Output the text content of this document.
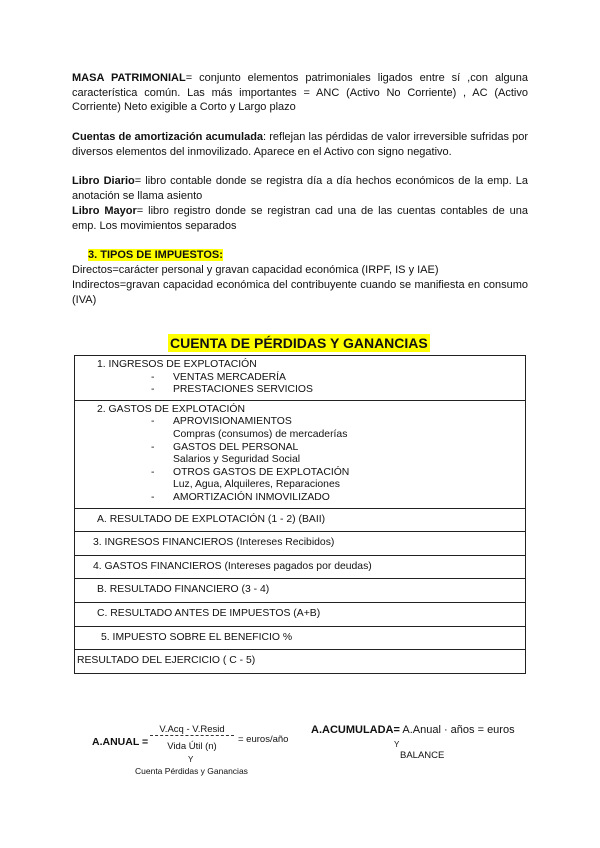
MASA PATRIMONIAL= conjunto elementos patrimoniales ligados entre sí ,con alguna característica común. Las más importantes = ANC (Activo No Corriente) , AC (Activo Corriente) Neto exigible a Corto y Largo plazo
Cuentas de amortización acumulada: reflejan las pérdidas de valor irreversible sufridas por diversos elementos del inmovilizado. Aparece en el Activo con signo negativo.
Libro Diario= libro contable donde se registra día a día hechos económicos de la emp. La anotación se llama asiento
Libro Mayor= libro registro donde se registran cad una de las cuentas contables de una emp. Los movimientos separados
3. TIPOS DE IMPUESTOS:
Directos=carácter personal y gravan capacidad económica (IRPF, IS y IAE)
Indirectos=gravan capacidad económica del contribuyente cuando se manifiesta en consumo (IVA)
CUENTA DE PÉRDIDAS Y GANANCIAS
1. INGRESOS DE EXPLOTACIÓN
- VENTAS MERCADERÍA
- PRESTACIONES SERVICIOS

2. GASTOS DE EXPLOTACIÓN
- APROVISIONAMIENTOS
Compras (consumos) de mercaderías
- GASTOS DEL PERSONAL
Salarios y Seguridad Social
- OTROS GASTOS DE EXPLOTACIÓN
Luz, Agua, Alquileres, Reparaciones
- AMORTIZACIÓN INMOVILIZADO

A. RESULTADO DE EXPLOTACIÓN (1 - 2) (BAII)
3. INGRESOS FINANCIEROS (Intereses Recibidos)
4. GASTOS FINANCIEROS (Intereses pagados por deudas)
B. RESULTADO FINANCIERO (3 - 4)
C. RESULTADO ANTES DE IMPUESTOS (A+B)
5. IMPUESTO SOBRE EL BENEFICIO %
RESULTADO DEL EJERCICIO ( C - 5)
A.ANUAL =
V.Acq - V.Resid
Vida Útil (n)
= euros/año
Y
Cuenta Pérdidas y Ganancias
A.ACUMULADA= A.Anual · años = euros
Y
BALANCE
